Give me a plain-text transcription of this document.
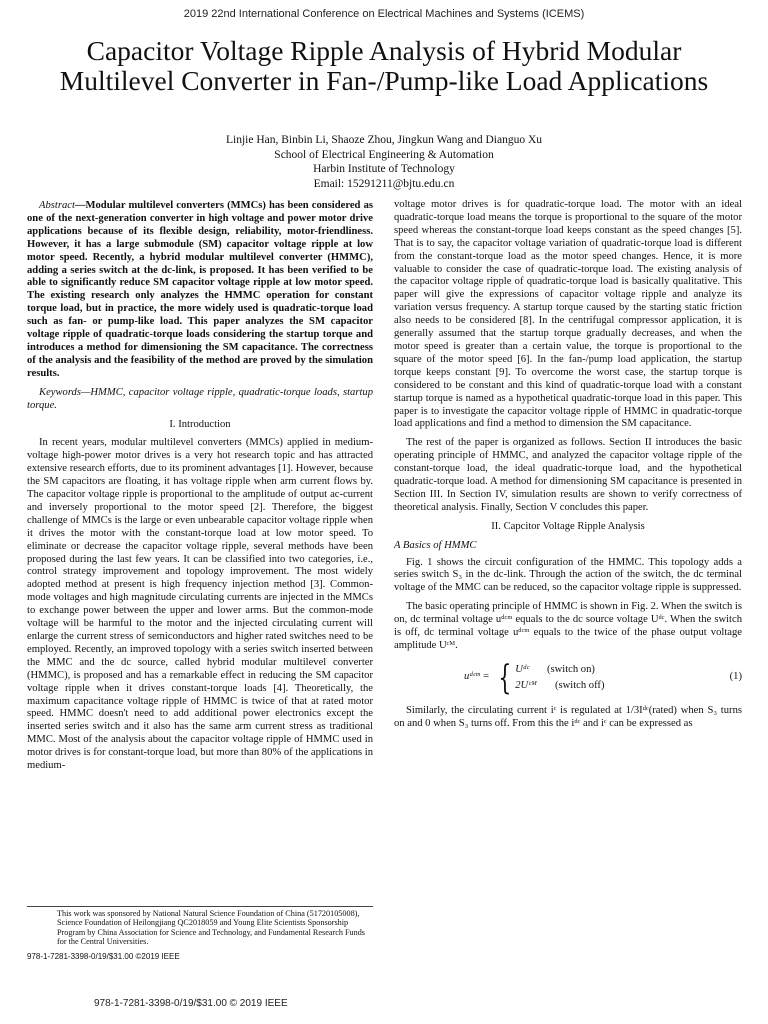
2019 22nd International Conference on Electrical Machines and Systems (ICEMS)
Capacitor Voltage Ripple Analysis of Hybrid Modular Multilevel Converter in Fan-/Pump-like Load Applications
Linjie Han, Binbin Li, Shaoze Zhou, Jingkun Wang and Dianguo Xu
School of Electrical Engineering & Automation
Harbin Institute of Technology
Email: 15291211@bjtu.edu.cn

Abstract—Modular multilevel converters (MMCs) has been considered as one of the next-generation converter in high voltage and power motor drive applications because of its flexible design, reliability, motor-friendliness. However, it has a large submodule (SM) capacitor voltage ripple at low motor speed. Recently, a hybrid modular multilevel converter (HMMC), adding a series switch at the dc-link, is proposed. It has been verified to be able to significantly reduce SM capacitor voltage ripple at low motor speed. The existing research only analyzes the HMMC operation for constant torque load, but in practice, the more widely used is quadratic-torque load such as fan- or pump-like load. This paper analyzes the SM capacitor voltage ripple of quadratic-torque loads considering the startup torque and introduces a method for dimensioning the SM capacitance. The correctness of the analysis and the feasibility of the method are proved by the simulation results.

Keywords—HMMC, capacitor voltage ripple, quadratic-torque loads, startup torque.

I. Introduction

In recent years, modular multilevel converters (MMCs) applied in medium-voltage high-power motor drives is a very hot research topic and has attracted extensive research efforts, due to its prominent advantages [1]. However, because the SM capacitors are floating, it has voltage ripple when arm current flows by. The capacitor voltage ripple is proportional to the amplitude of output ac-current and inversely proportional to the motor speed [2]. Therefore, the biggest challenge of MMCs is the large or even unbearable capacitor voltage ripple when it drives the motor with the constant-torque load at low motor speed. To eliminate or decrease the capacitor voltage ripple, several methods have been proposed during the last few years. It can be classified into two categories, i.e., control strategy improvement and topology improvement. The most widely adopted method at present is high frequency injection method [3]. Common-mode voltages and high magnitude circulating currents are injected in the MMCs to exchange power between the upper and lower arms. But the common-mode voltage will be harmful to the motor and the injected circulating current will enlarge the current stress of semiconductors and higher rated switches need to be employed. Recently, an improved topology with a series switch inserted between the MMC and the dc source, called hybrid modular multilevel converter (HMMC), is proposed and has a remarkable effect in reducing the SM capacitor voltage ripple when it drives constant-torque loads [4]. Theoretically, the maximum capacitance voltage ripple of HMMC is twice of that at rated motor speed. HMMC doesn't need to add additional power electronics except the inserted series switch and it also has the same arm current stress as traditional MMC. Most of the analysis about the capacitor voltage ripple of HMMC used in motor drives is for constant-torque load, but more than 80% of the applications in medium-

voltage motor drives is for quadratic-torque load. The motor with an ideal quadratic-torque load means the torque is proportional to the square of the motor speed whereas the constant-torque load keeps constant as the speed changes [5]. That is to say, the capacitor voltage variation of quadratic-torque load is different from the constant-torque load as the motor speed changes. Hence, it is more valuable to consider the case of quadratic-torque load. The existing analysis of the capacitor voltage ripple of quadratic-torque load is basically qualitative. This paper will give the expressions of capacitor voltage ripple and analyze its variation versus frequency. A startup torque caused by the starting static friction also needs to be considered [8]. In the centrifugal compressor application, it is generally assumed that the startup torque gradually decreases, and when the motor speed is greater than a certain value, the torque is proportional to the square of the motor speed [6]. In the fan-/pump load application, the startup torque keeps constant [9]. To overcome the worst case, the startup torque is considered to be constant and this kind of quadratic-torque load with a constant startup torque is named as a hypothetical quadratic-torque load in this paper. This paper is to investigate the capacitor voltage ripple of HMMC in quadratic-torque load applications and find a method to dimension the SM capacitance.

The rest of the paper is organized as follows. Section II introduces the basic operating principle of HMMC, and analyzed the capacitor voltage ripple of the constant-torque load, the ideal quadratic-torque load, and the hypothetical quadratic-torque load. A method for dimensioning SM capacitance is presented in Section III. In Section IV, simulation results are shown to verify correctness of theoretical analysis. Finally, Section V concludes this paper.

II. Capcitor Voltage Ripple Analysis
A Basics of HMMC

Fig. 1 shows the circuit configuration of the HMMC. This topology adds a series switch S₃ in the dc-link. Through the action of the switch, the dc terminal voltage of the MMC can be reduced, so the capacitor voltage ripple is suppressed.

The basic operating principle of HMMC is shown in Fig. 2. When the switch is on, dc terminal voltage uᵈᶜᵐ equals to the dc source voltage Uᵈᶜ. When the switch is off, dc terminal voltage uᵈᶜᵐ equals to the twice of the phase output voltage amplitude Uᶜᴹ.

uᵈᶜᵐ = { Uᵈᶜ (switch on)
2Uᶜᴹ (switch off)
(1)

Similarly, the circulating current iᶜ is regulated at 1/3Iᵈᶜ(rated) when S₃ turns on and 0 when S₃ turns off. From this the iᵈᶜ and iᶜ can be expressed as

This work was sponsored by National Natural Science Foundation of China (51720105008), Science Foundation of Heilongjiang QC2018059 and Young Elite Scientists Sponsorship Program by China Association for Science and Technology, and Fundamental Research Funds for the Central Universities.
978-1-7281-3398-0/19/$31.00 ©2019 IEEE
978-1-7281-3398-0/19/$31.00 © 2019 IEEE
